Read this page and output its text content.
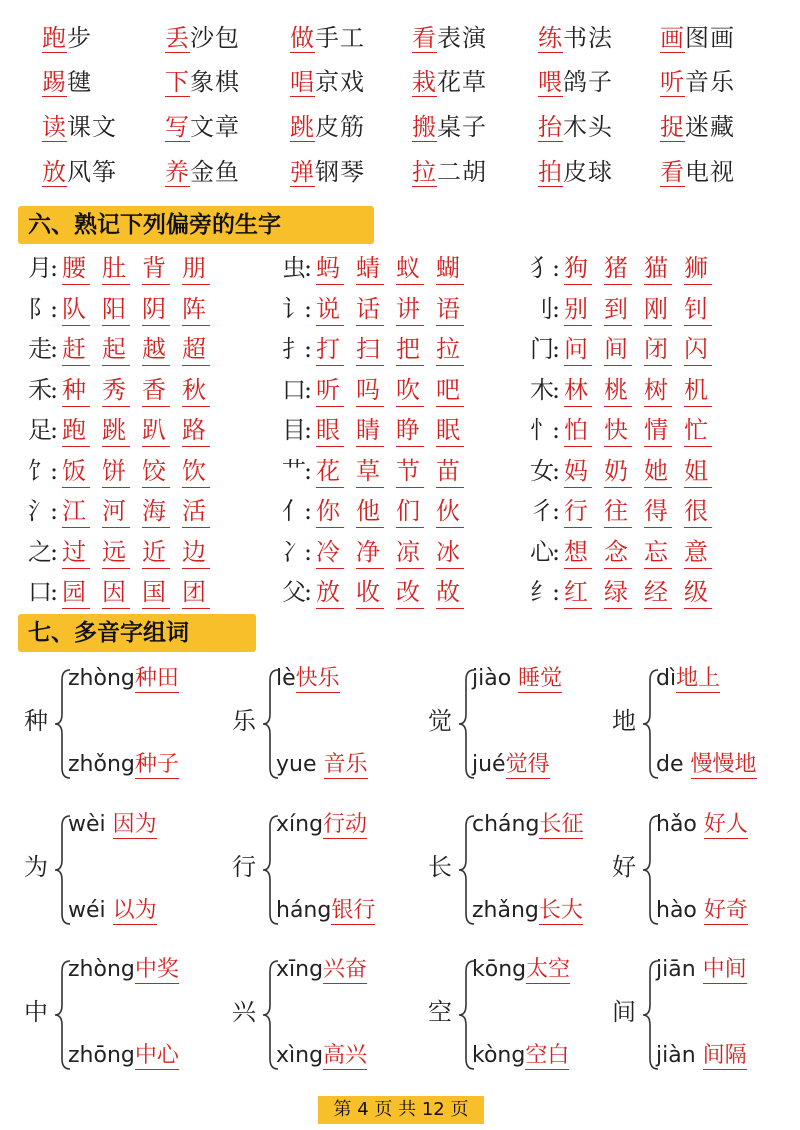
跑步	丢沙包 做手工 看表演 练书法 画图画
踢毽	下象棋 唱京戏 栽花草 喂鸽子 听音乐
读课文 写文章 跳皮筋 搬桌子 抬木头 捉迷藏
放风筝 养金鱼 弹钢琴 拉二胡 拍皮球 看电视
六、熟记下列偏旁的生字
月: 腰 肚 背 朋	虫: 蚂 蜻 蚁 蝴	犭: 狗 猪 猫 狮
阝: 队 阳 阴 阵	讠: 说 话 讲 语	刂: 别 到 刚 钊
走: 赶 起 越 超	扌: 打 扫 把 拉	门: 问 间 闭 闪
禾: 种 秀 香 秋	口: 听 吗 吹 吧	木: 林 桃 树 机
足: 跑 跳 趴 路	目: 眼 睛 睁 眠	忄: 怕 快 情 忙
饣: 饭 饼 饺 饮	艹: 花 草 节 苗	女: 妈 奶 她 姐
氵: 江 河 海 活	亻: 你 他 们 伙	彳: 行 往 得 很
之: 过 远 近 边	冫: 冷 净 凉 冰	心: 想 念 忘 意
口: 园 因 国 团	父: 放 收 改 故	纟: 红 绿 经 级
七、多音字组词
种
zhòng种田
zhǒng种子
乐
lè快乐
yue 音乐
觉
jiào 睡觉
jué觉得
地
dì地上
de 慢慢地
为
wèi 因为
wéi 以为
行
xíng行动
háng银行
长
cháng长征
zhǎng长大
好
hǎo 好人
hào 好奇
中
zhòng中奖
zhōng中心
兴
xīng兴奋
xìng高兴
空
kōng太空
kòng空白
间
jiān 中间
jiàn 间隔
第 4 页 共 12 页
